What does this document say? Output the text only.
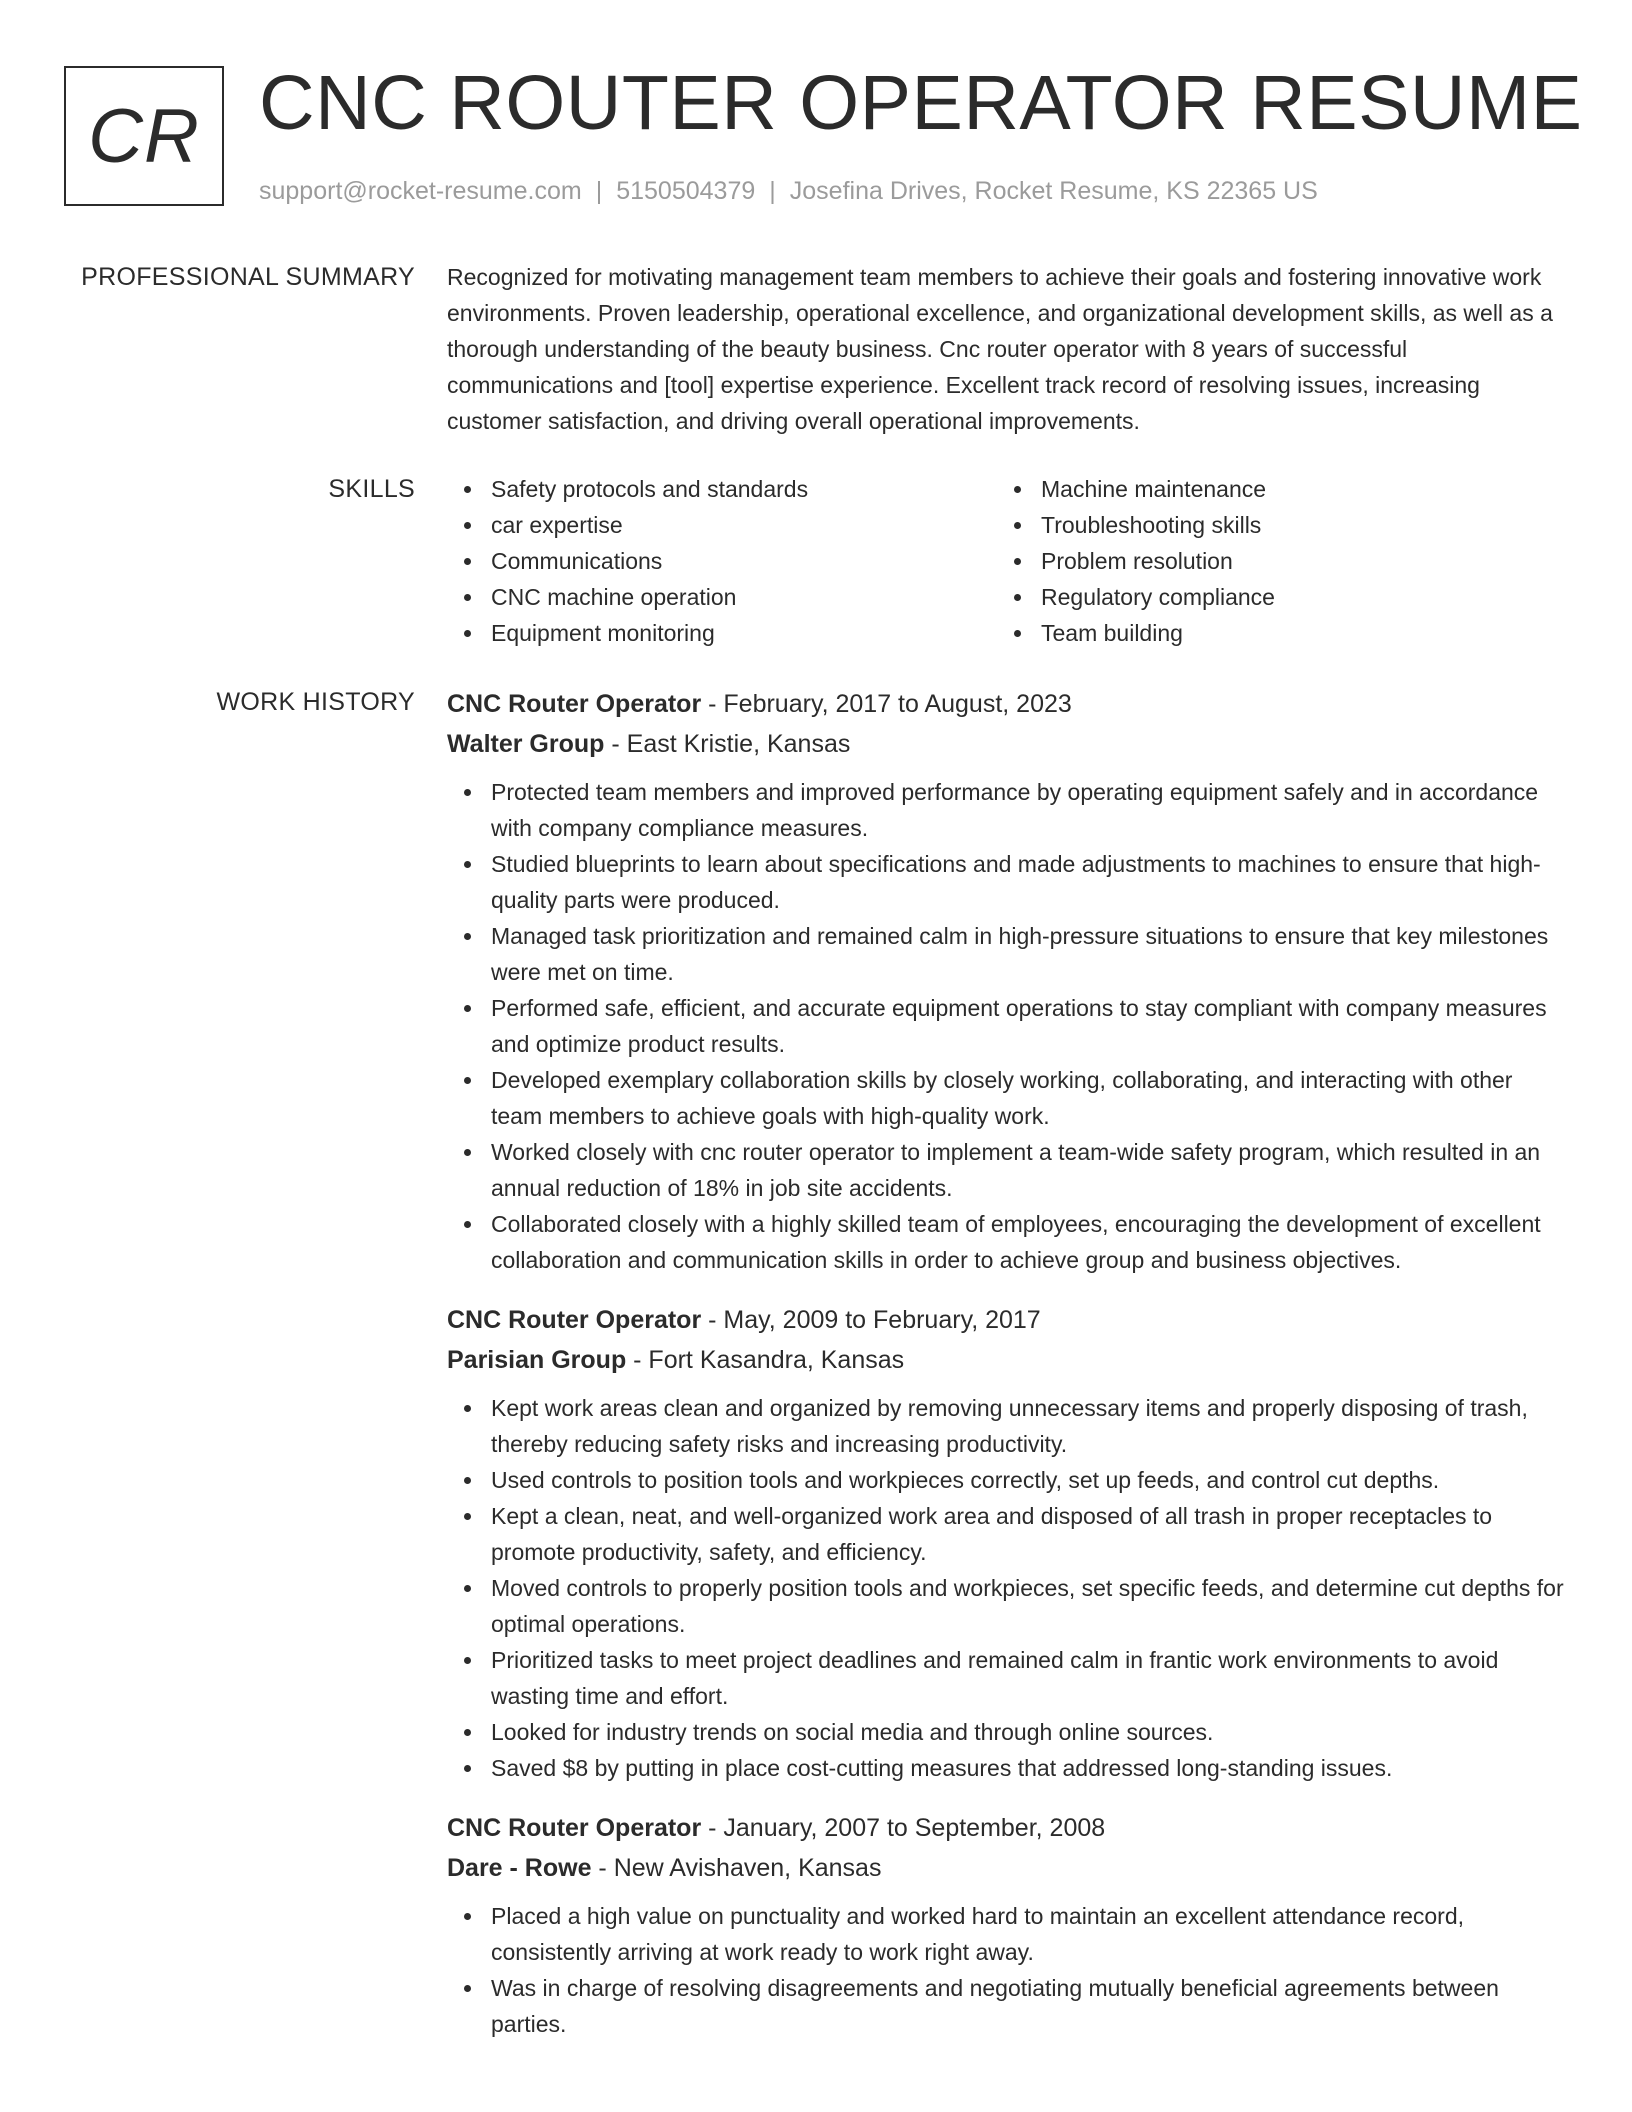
CR CNC ROUTER OPERATOR RESUME
support@rocket-resume.com | 5150504379 | Josefina Drives, Rocket Resume, KS 22365 US
PROFESSIONAL SUMMARY Recognized for motivating management team members to achieve their goals and fostering innovative work environments. Proven leadership, operational excellence, and organizational development skills, as well as a thorough understanding of the beauty business. Cnc router operator with 8 years of successful communications and [tool] expertise experience. Excellent track record of resolving issues, increasing customer satisfaction, and driving overall operational improvements.

SKILLS	Safety protocols and standards
car expertise
Communications
CNC machine operation
Equipment monitoring
Machine maintenance
Troubleshooting skills
Problem resolution
Regulatory compliance
Team building
WORK HISTORY CNC Router Operator - February, 2017 to August, 2023
Walter Group - East Kristie, Kansas
Protected team members and improved performance by operating equipment safely and in accordance with company compliance measures.
Studied blueprints to learn about specifications and made adjustments to machines to ensure that high-quality parts were produced.
Managed task prioritization and remained calm in high-pressure situations to ensure that key milestones were met on time.
Performed safe, efficient, and accurate equipment operations to stay compliant with company measures and optimize product results.
Developed exemplary collaboration skills by closely working, collaborating, and interacting with other team members to achieve goals with high-quality work.
Worked closely with cnc router operator to implement a team-wide safety program, which resulted in an annual reduction of 18% in job site accidents.
Collaborated closely with a highly skilled team of employees, encouraging the development of excellent collaboration and communication skills in order to achieve group and business objectives.
CNC Router Operator - May, 2009 to February, 2017
Parisian Group - Fort Kasandra, Kansas
Kept work areas clean and organized by removing unnecessary items and properly disposing of trash, thereby reducing safety risks and increasing productivity.
Used controls to position tools and workpieces correctly, set up feeds, and control cut depths.
Kept a clean, neat, and well-organized work area and disposed of all trash in proper receptacles to promote productivity, safety, and efficiency.
Moved controls to properly position tools and workpieces, set specific feeds, and determine cut depths for optimal operations.
Prioritized tasks to meet project deadlines and remained calm in frantic work environments to avoid wasting time and effort.
Looked for industry trends on social media and through online sources.
Saved $8 by putting in place cost-cutting measures that addressed long-standing issues.
CNC Router Operator - January, 2007 to September, 2008
Dare - Rowe - New Avishaven, Kansas
Placed a high value on punctuality and worked hard to maintain an excellent attendance record, consistently arriving at work ready to work right away.
Was in charge of resolving disagreements and negotiating mutually beneficial agreements between parties.
